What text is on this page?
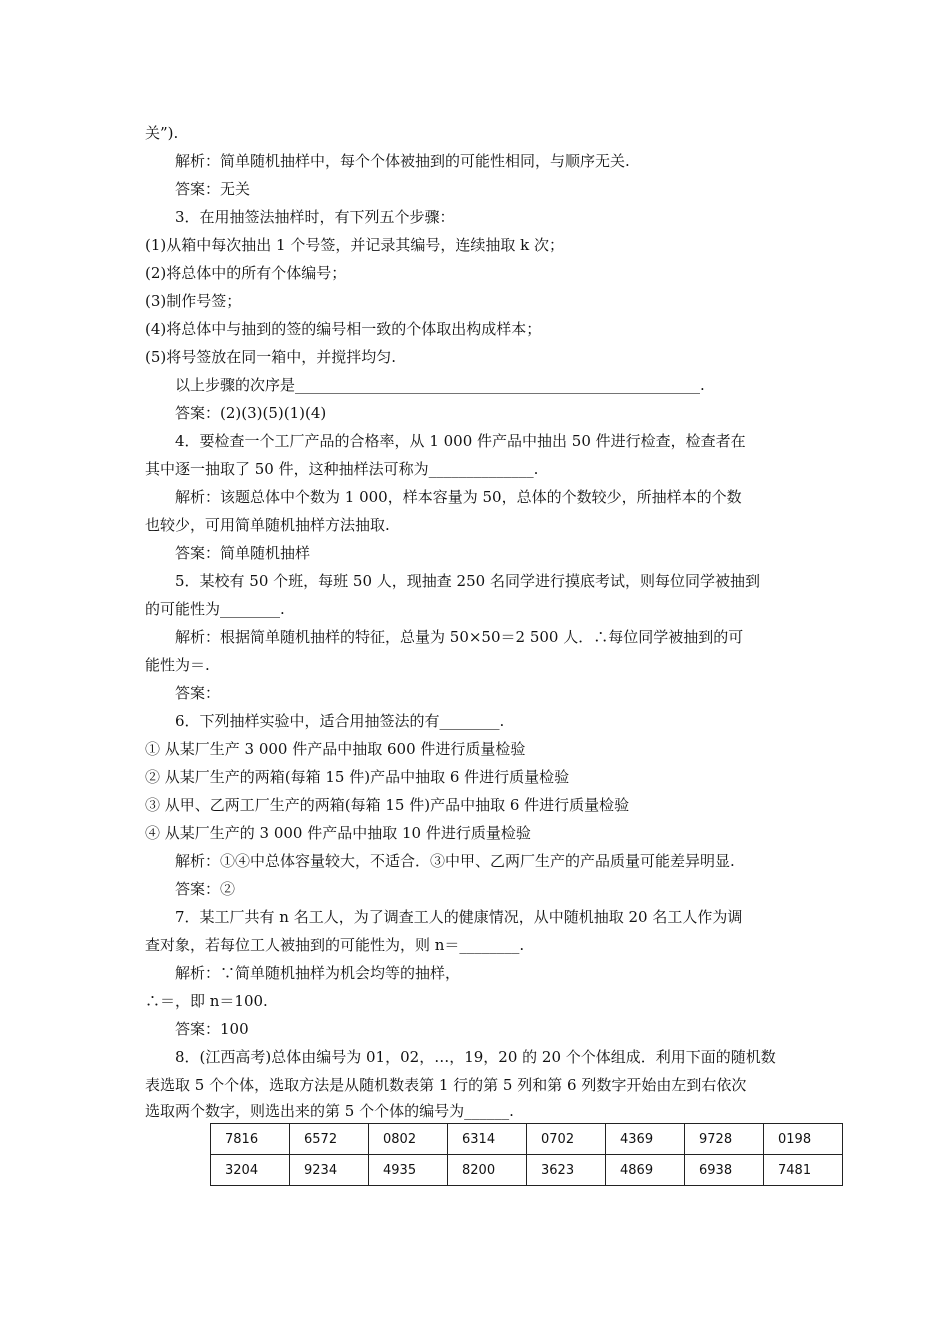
关”).

解析：简单随机抽样中，每个个体被抽到的可能性相同，与顺序无关.

答案：无关

3．在用抽签法抽样时，有下列五个步骤：

(1)从箱中每次抽出 1 个号签，并记录其编号，连续抽取 k 次；

(2)将总体中的所有个体编号；

(3)制作号签；

(4)将总体中与抽到的签的编号相一致的个体取出构成样本；

(5)将号签放在同一箱中，并搅拌均匀.

以上步骤的次序是______________________________________________________.

答案：(2)(3)(5)(1)(4)

4．要检查一个工厂产品的合格率，从 1 000 件产品中抽出 50 件进行检查，检查者在

其中逐一抽取了 50 件，这种抽样法可称为______________.

解析：该题总体中个数为 1 000，样本容量为 50，总体的个数较少，所抽样本的个数

也较少，可用简单随机抽样方法抽取.

答案：简单随机抽样

5．某校有 50 个班，每班 50 人，现抽查 250 名同学进行摸底考试，则每位同学被抽到

的可能性为________.

解析：根据简单随机抽样的特征，总量为 50×50＝2 500 人．∴每位同学被抽到的可

能性为＝.

答案：

6．下列抽样实验中，适合用抽签法的有________.

① 从某厂生产 3 000 件产品中抽取 600 件进行质量检验

② 从某厂生产的两箱(每箱 15 件)产品中抽取 6 件进行质量检验

③ 从甲、乙两工厂生产的两箱(每箱 15 件)产品中抽取 6 件进行质量检验

④ 从某厂生产的 3 000 件产品中抽取 10 件进行质量检验

解析：①④中总体容量较大，不适合．③中甲、乙两厂生产的产品质量可能差异明显.

答案：②

7．某工厂共有 n 名工人，为了调查工人的健康情况，从中随机抽取 20 名工人作为调

查对象，若每位工人被抽到的可能性为，则 n＝________.

解析：∵简单随机抽样为机会均等的抽样，

∴＝，即 n＝100.

答案：100

8．(江西高考)总体由编号为 01，02，…，19，20 的 20 个个体组成．利用下面的随机数

表选取 5 个个体，选取方法是从随机数表第 1 行的第 5 列和第 6 列数字开始由左到右依次

选取两个数字，则选出来的第 5 个个体的编号为______.

7816	6572	0802	6314	0702	4369	9728	0198
3204	9234	4935	8200	3623	4869	6938	7481
